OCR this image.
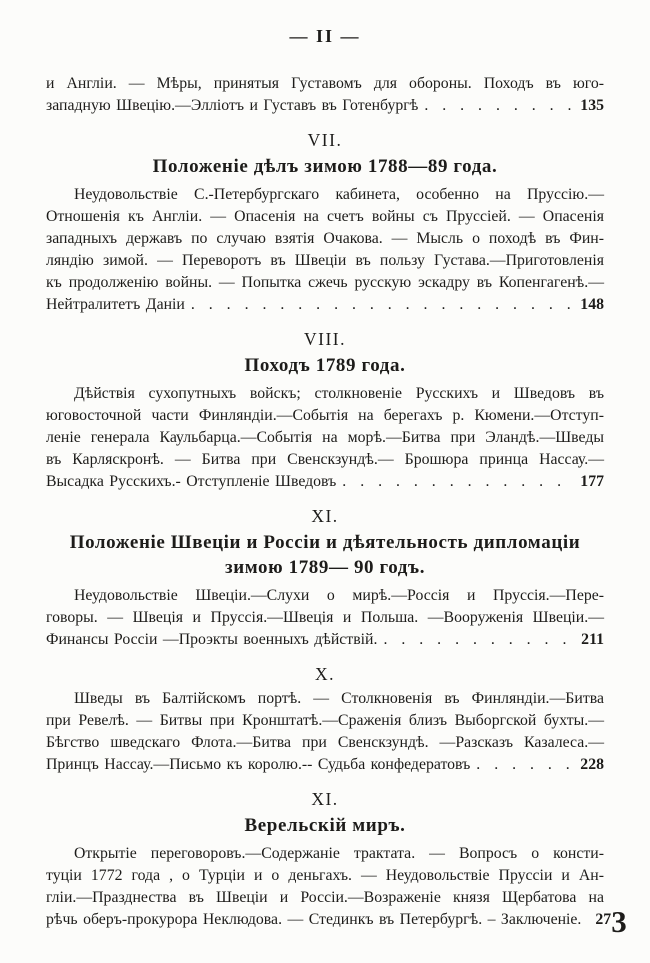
— II —
и Англіи. — Мѣры, принятыя Густавомъ для обороны. Походъ въ юго-
западную Швецію.—Элліотъ и Густавъ въ Готенбургѣ . . .	135
VII.
Положеніе дѣлъ зимою 1788—89 года.
Неудовольствіе С.-Петербургскаго кабинета, особенно на Пруссію.—
Отношенія къ Англіи. — Опасенія на счетъ войны съ Пруссіей. — Опасенія
западныхъ державъ по случаю взятія Очакова. — Мысль о походѣ въ Фин-
ляндію зимой. — Переворотъ въ Швеціи въ пользу Густава.—Приготовленія
къ продолженію войны. — Попытка сжечь русскую эскадру въ Копенгагенѣ.—
Нейтралитетъ Даніи . . .	148
VIII.
Походъ 1789 года.
Дѣйствія сухопутныхъ войскъ; столкновеніе Русскихъ и Шведовъ въ
юговосточной части Финляндіи.—Событія на берегахъ р. Кюмени.—Отступ-
леніе генерала Каульбарца.—Событія на морѣ.—Битва при Эландѣ.—Шведы
въ Карляскронѣ. — Битва при Свенскзундѣ.— Брошюра принца Нассау.—
Высадка Русскихъ.- Отступленіе Шведовъ . . .	177
XI.
Положеніе Швеціи и Россіи и дѣятельность дипломаціи
зимою 1789— 90 годъ.
Неудовольствіе Швеціи.—Слухи о мирѣ.—Россія и Пруссія.—Пере-
говоры. — Швеція и Пруссія.—Швеція и Польша. —Вооруженія Швеціи.—
Финансы Россіи —Проэкты военныхъ дѣйствій. . . .	211
X.
Шведы въ Балтійскомъ портѣ. — Столкновенія въ Финляндіи.—Битва
при Ревелѣ. — Битвы при Кронштатѣ.—Сраженія близъ Выборгской бухты.—
Бѣгство шведскаго Флота.—Битва при Свенскзундѣ. —Разсказъ Казалеса.—
Принцъ Нассау.—Письмо къ королю.-- Судьба конфедератовъ . . .	228
XI.
Верельскій миръ.
Открытіе переговоровъ.—Содержаніе трактата. — Вопросъ о консти-
туціи 1772 года , о Турціи и о деньгахъ. — Неудовольствіе Пруссіи и Ан-
гліи.—Празднества въ Швеціи и Россіи.—Возраженіе князя Щербатова на
рѣчь оберъ-прокурора Неклюдова. — Стединкъ въ Петербургѣ. – Заключеніе. 273
